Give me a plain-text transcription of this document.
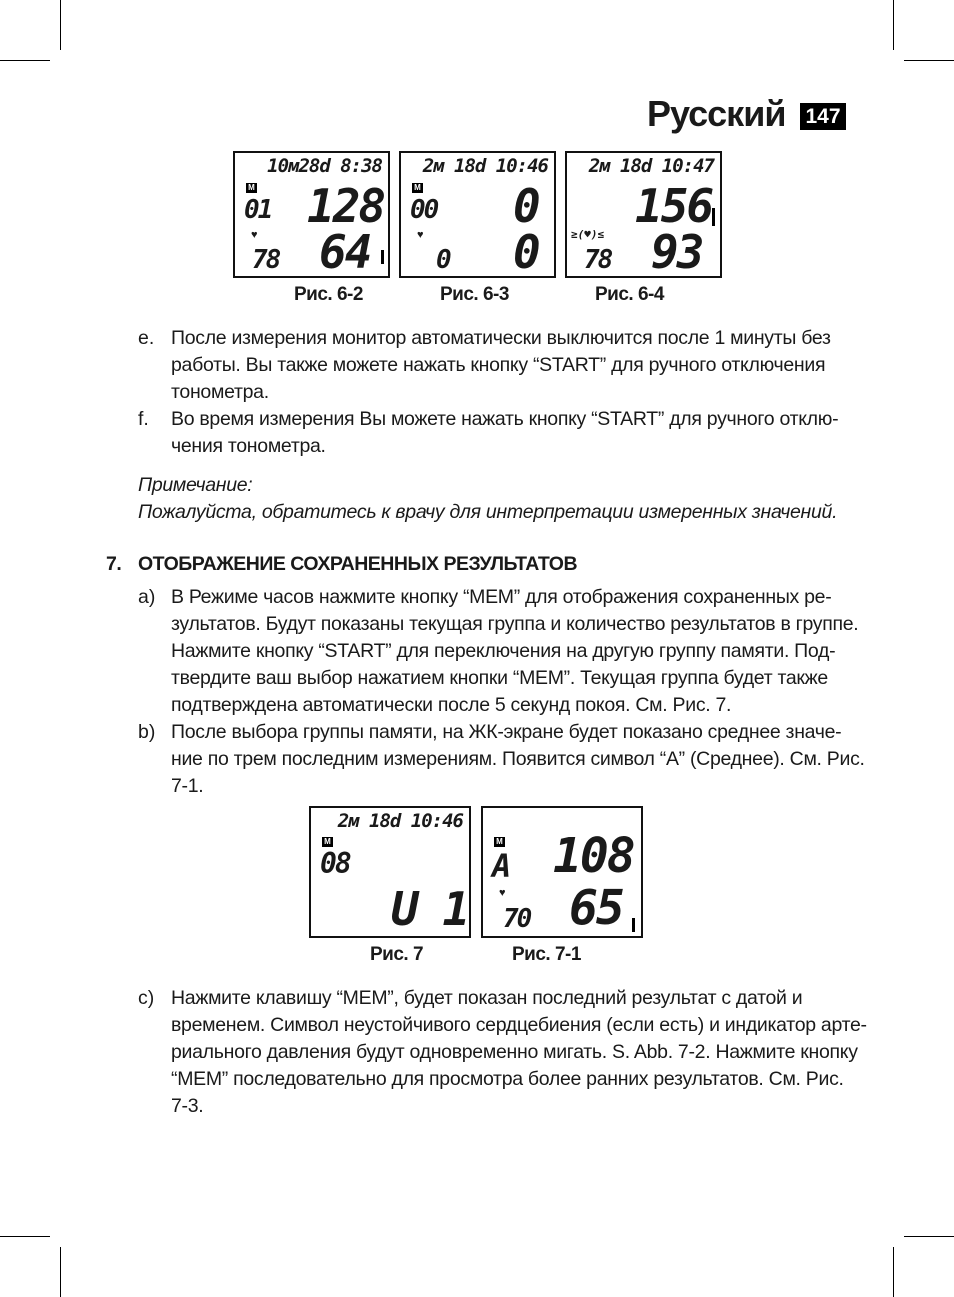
Русский 147
10м28d 8:38
M
01 128
♥
78 64
Рис. 6-2
2м 18d 10:46
M
00 0
♥
0 0
Рис. 6-3
2м 18d 10:47
156
≥(♥)≤
78 93
Рис. 6-4
e. После измерения монитор автоматически выключится после 1 минуты без
работы. Вы также можете нажать кнопку “START” для ручного отключения
тонометра.
f. Во время измерения Вы можете нажать кнопку “START” для ручного отклю-
чения тонометра.
Примечание:
Пожалуйста, обратитесь к врачу для интерпретации измеренных значений.
7. ОТОБРАЖЕНИЕ СОХРАНЕННЫХ РЕЗУЛЬТАТОВ
a) В Режиме часов нажмите кнопку “MEM” для отображения сохраненных ре-
зультатов. Будут показаны текущая группа и количество результатов в группе.
Нажмите кнопку “START” для переключения на другую группу памяти. Под-
твердите ваш выбор нажатием кнопки “MEM”. Текущая группа будет также
подтверждена автоматически после 5 секунд покоя. См. Рис. 7.
b) После выбора группы памяти, на ЖК-экране будет показано среднее значе-
ние по трем последним измерениям. Появится символ “A” (Среднее). См. Рис.
7-1.
2м 18d 10:46
M
08
U 1
Рис. 7
M
A 108
♥
70 65
Рис. 7-1
c) Нажмите клавишу “MEM”, будет показан последний результат с датой и
временем. Символ неустойчивого сердцебиения (если есть) и индикатор арте-
риального давления будут одновременно мигать. S. Abb. 7-2. Нажмите кнопку
“MEM” последовательно для просмотра более ранних результатов. См. Рис.
7-3.
